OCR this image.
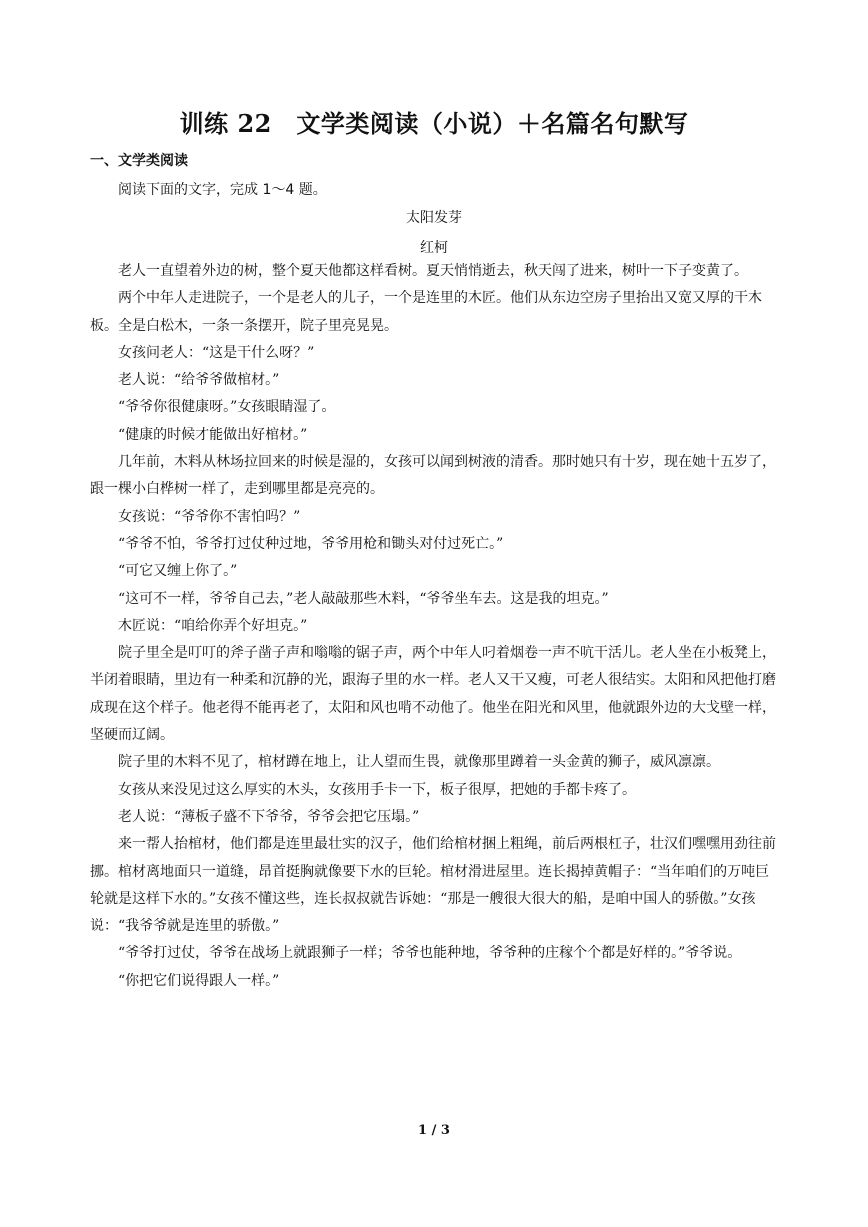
训练 22　文学类阅读（小说）＋名篇名句默写
一、文学类阅读
阅读下面的文字，完成 1～4 题。
太阳发芽
红柯

老人一直望着外边的树，整个夏天他都这样看树。夏天悄悄逝去，秋天闯了进来，树叶一下子变黄了。

两个中年人走进院子，一个是老人的儿子，一个是连里的木匠。他们从东边空房子里抬出又宽又厚的干木板。全是白松木，一条一条摆开，院子里亮晃晃。

女孩问老人：“这是干什么呀？”

老人说：“给爷爷做棺材。”

“爷爷你很健康呀。”女孩眼睛湿了。

“健康的时候才能做出好棺材。”

几年前，木料从林场拉回来的时候是湿的，女孩可以闻到树液的清香。那时她只有十岁，现在她十五岁了，跟一棵小白桦树一样了，走到哪里都是亮亮的。

女孩说：“爷爷你不害怕吗？”

“爷爷不怕，爷爷打过仗种过地，爷爷用枪和锄头对付过死亡。”

“可它又缠上你了。”

“这可不一样，爷爷自己去，”老人敲敲那些木料，“爷爷坐车去。这是我的坦克。”

木匠说：“咱给你弄个好坦克。”

院子里全是叮叮的斧子凿子声和嗡嗡的锯子声，两个中年人叼着烟卷一声不吭干活儿。老人坐在小板凳上，半闭着眼睛，里边有一种柔和沉静的光，跟海子里的水一样。老人又干又瘦，可老人很结实。太阳和风把他打磨成现在这个样子。他老得不能再老了，太阳和风也啃不动他了。他坐在阳光和风里，他就跟外边的大戈壁一样，坚硬而辽阔。

院子里的木料不见了，棺材蹲在地上，让人望而生畏，就像那里蹲着一头金黄的狮子，威风凛凛。

女孩从来没见过这么厚实的木头，女孩用手卡一下，板子很厚，把她的手都卡疼了。

老人说：“薄板子盛不下爷爷，爷爷会把它压塌。”

来一帮人抬棺材，他们都是连里最壮实的汉子，他们给棺材捆上粗绳，前后两根杠子，壮汉们嘿嘿用劲往前挪。棺材离地面只一道缝，昂首挺胸就像要下水的巨轮。棺材滑进屋里。连长揭掉黄帽子：“当年咱们的万吨巨轮就是这样下水的。”女孩不懂这些，连长叔叔就告诉她：“那是一艘很大很大的船，是咱中国人的骄傲。”女孩说：“我爷爷就是连里的骄傲。”

“爷爷打过仗，爷爷在战场上就跟狮子一样；爷爷也能种地，爷爷种的庄稼个个都是好样的。”爷爷说。

“你把它们说得跟人一样。”

1 / 3
